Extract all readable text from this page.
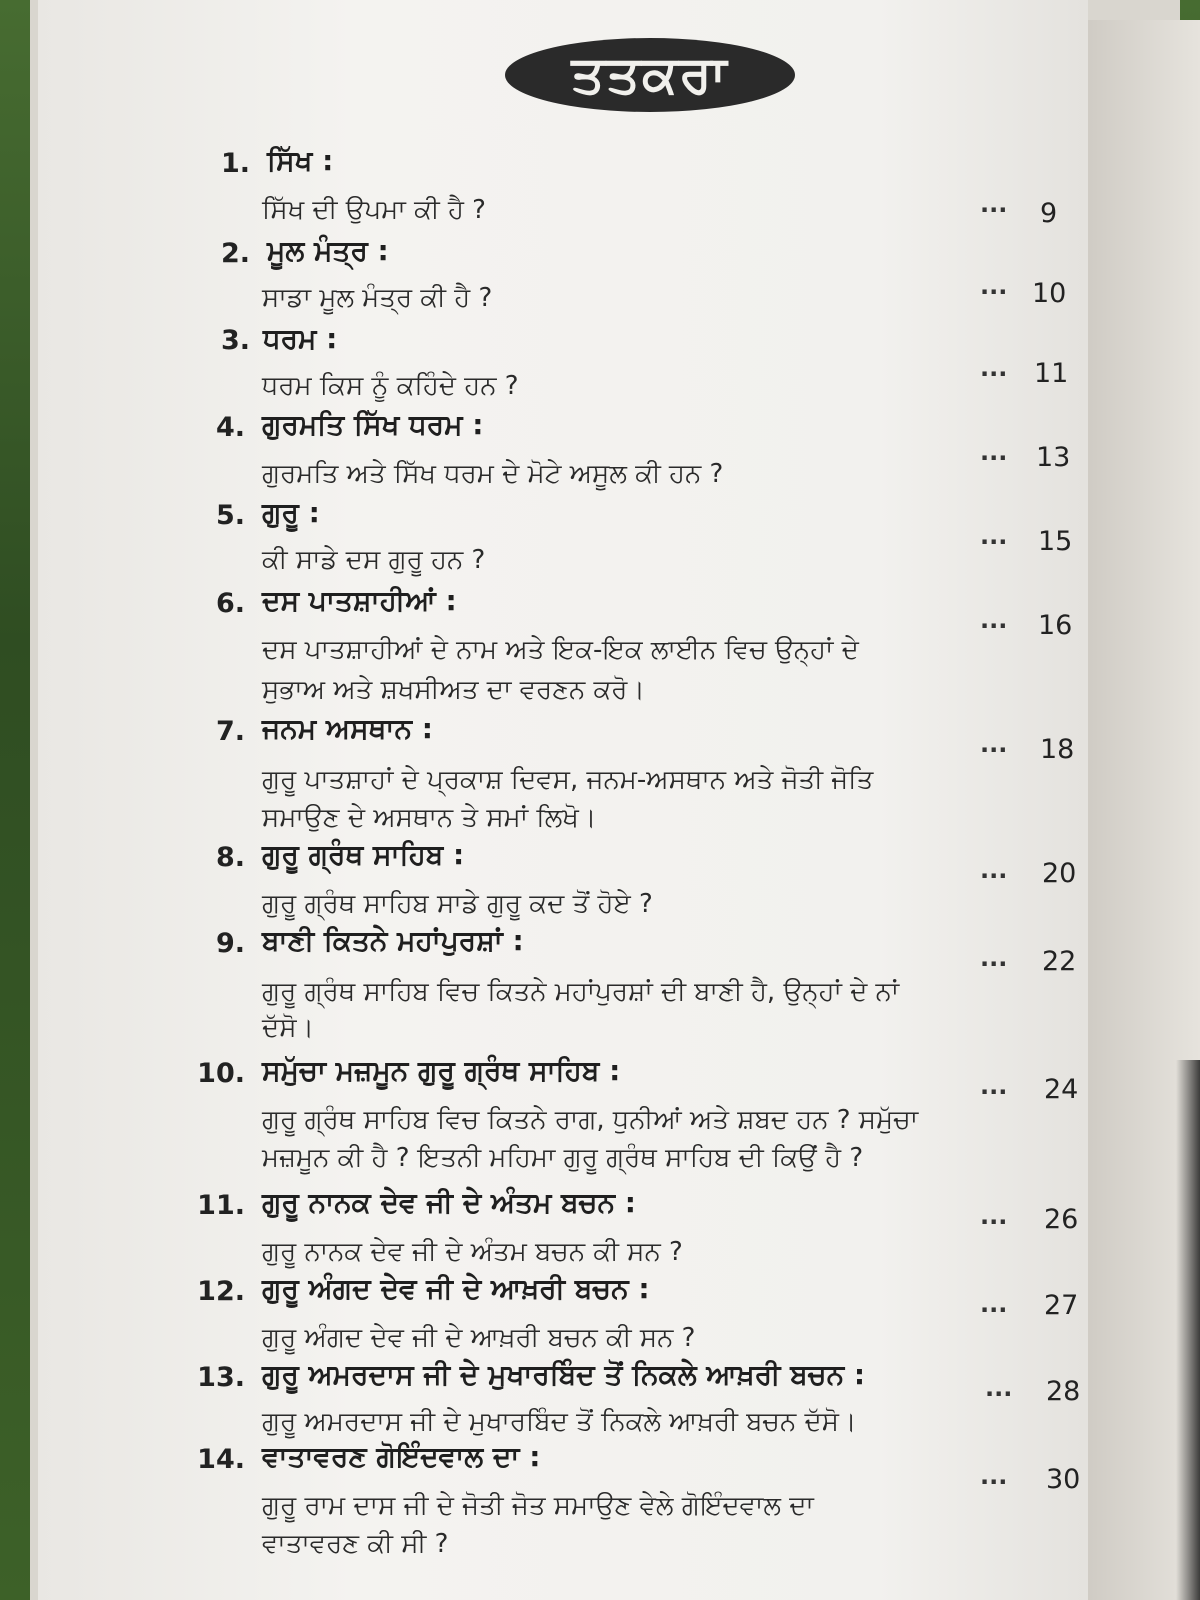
ਤਤਕਰਾ
1. ਸਿੱਖ :
ਸਿੱਖ ਦੀ ਉਪਮਾ ਕੀ ਹੈ ?	... 9
2. ਮੂਲ ਮੰਤ੍ਰ :
ਸਾਡਾ ਮੂਲ ਮੰਤ੍ਰ ਕੀ ਹੈ ?	... 10
3. ਧਰਮ :
ਧਰਮ ਕਿਸ ਨੂੰ ਕਹਿੰਦੇ ਹਨ ?
... 11
4. ਗੁਰਮਤਿ ਸਿੱਖ ਧਰਮ :
ਗੁਰਮਤਿ ਅਤੇ ਸਿੱਖ ਧਰਮ ਦੇ ਮੋਟੇ ਅਸੂਲ ਕੀ ਹਨ ?
... 13
5. ਗੁਰੂ :
ਕੀ ਸਾਡੇ ਦਸ ਗੁਰੂ ਹਨ ?
... 15
6. ਦਸ ਪਾਤਸ਼ਾਹੀਆਂ :
ਦਸ ਪਾਤਸ਼ਾਹੀਆਂ ਦੇ ਨਾਮ ਅਤੇ ਇਕ-ਇਕ ਲਾਈਨ ਵਿਚ ਉਨ੍ਹਾਂ ਦੇ
ਸੁਭਾਅ ਅਤੇ ਸ਼ਖਸੀਅਤ ਦਾ ਵਰਣਨ ਕਰੋ।
... 16
7. ਜਨਮ ਅਸਥਾਨ :
ਗੁਰੂ ਪਾਤਸ਼ਾਹਾਂ ਦੇ ਪ੍ਰਕਾਸ਼ ਦਿਵਸ, ਜਨਮ-ਅਸਥਾਨ ਅਤੇ ਜੋਤੀ ਜੋਤਿ
ਸਮਾਉਣ ਦੇ ਅਸਥਾਨ ਤੇ ਸਮਾਂ ਲਿਖੋ।
... 18
8. ਗੁਰੂ ਗ੍ਰੰਥ ਸਾਹਿਬ :
ਗੁਰੂ ਗ੍ਰੰਥ ਸਾਹਿਬ ਸਾਡੇ ਗੁਰੂ ਕਦ ਤੋਂ ਹੋਏ ?
... 20
9. ਬਾਣੀ ਕਿਤਨੇ ਮਹਾਂਪੁਰਸ਼ਾਂ :
ਗੁਰੂ ਗ੍ਰੰਥ ਸਾਹਿਬ ਵਿਚ ਕਿਤਨੇ ਮਹਾਂਪੁਰਸ਼ਾਂ ਦੀ ਬਾਣੀ ਹੈ, ਉਨ੍ਹਾਂ ਦੇ ਨਾਂ
ਦੱਸੋ।
... 22
10. ਸਮੁੱਚਾ ਮਜ਼ਮੂਨ ਗੁਰੂ ਗ੍ਰੰਥ ਸਾਹਿਬ :
ਗੁਰੂ ਗ੍ਰੰਥ ਸਾਹਿਬ ਵਿਚ ਕਿਤਨੇ ਰਾਗ, ਧੁਨੀਆਂ ਅਤੇ ਸ਼ਬਦ ਹਨ ? ਸਮੁੱਚਾ
ਮਜ਼ਮੂਨ ਕੀ ਹੈ ? ਇਤਨੀ ਮਹਿਮਾ ਗੁਰੂ ਗ੍ਰੰਥ ਸਾਹਿਬ ਦੀ ਕਿਉਂ ਹੈ ?
... 24
11. ਗੁਰੂ ਨਾਨਕ ਦੇਵ ਜੀ ਦੇ ਅੰਤਮ ਬਚਨ :
ਗੁਰੂ ਨਾਨਕ ਦੇਵ ਜੀ ਦੇ ਅੰਤਮ ਬਚਨ ਕੀ ਸਨ ?
... 26
12. ਗੁਰੂ ਅੰਗਦ ਦੇਵ ਜੀ ਦੇ ਆਖ਼ਰੀ ਬਚਨ :
ਗੁਰੂ ਅੰਗਦ ਦੇਵ ਜੀ ਦੇ ਆਖ਼ਰੀ ਬਚਨ ਕੀ ਸਨ ?
... 27
13. ਗੁਰੂ ਅਮਰਦਾਸ ਜੀ ਦੇ ਮੁਖਾਰਬਿੰਦ ਤੋਂ ਨਿਕਲੇ ਆਖ਼ਰੀ ਬਚਨ :
ਗੁਰੂ ਅਮਰਦਾਸ ਜੀ ਦੇ ਮੁਖਾਰਬਿੰਦ ਤੋਂ ਨਿਕਲੇ ਆਖ਼ਰੀ ਬਚਨ ਦੱਸੋ।
... 28
14. ਵਾਤਾਵਰਣ ਗੋਇੰਦਵਾਲ ਦਾ :
ਗੁਰੂ ਰਾਮ ਦਾਸ ਜੀ ਦੇ ਜੋਤੀ ਜੋਤ ਸਮਾਉਣ ਵੇਲੇ ਗੋਇੰਦਵਾਲ ਦਾ
ਵਾਤਾਵਰਣ ਕੀ ਸੀ ?
... 30
